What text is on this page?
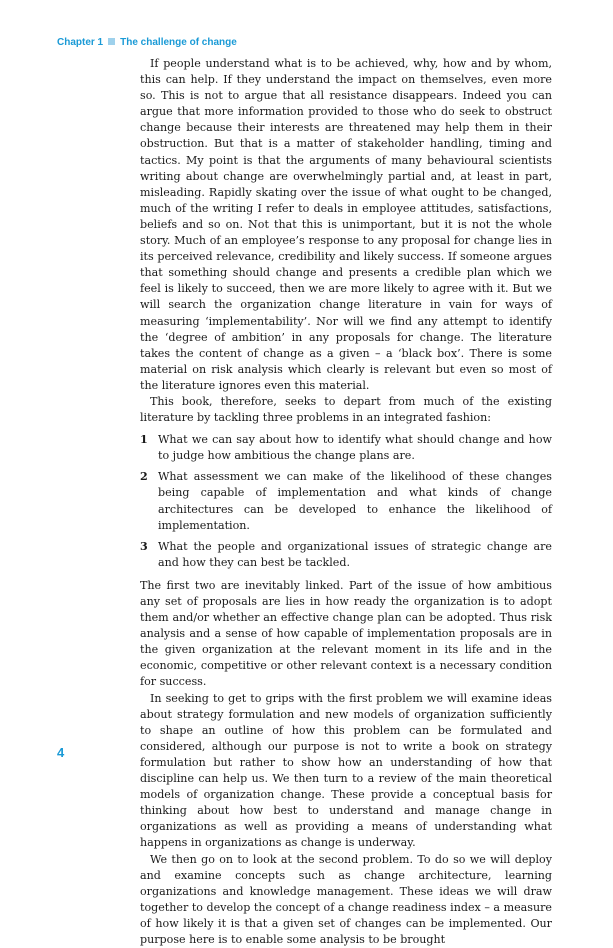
Chapter 1 The challenge of change

If people understand what is to be achieved, why, how and by whom, this can help. If they understand the impact on themselves, even more so. This is not to argue that all resistance disappears. Indeed you can argue that more information provided to those who do seek to obstruct change because their interests are threatened may help them in their obstruction. But that is a matter of stakeholder handling, timing and tactics. My point is that the arguments of many behavioural scientists writing about change are overwhelmingly partial and, at least in part, misleading. Rapidly skating over the issue of what ought to be changed, much of the writing I refer to deals in employee attitudes, satisfactions, beliefs and so on. Not that this is unimportant, but it is not the whole story. Much of an employee’s response to any proposal for change lies in its perceived relevance, credibility and likely success. If someone argues that something should change and presents a credible plan which we feel is likely to succeed, then we are more likely to agree with it. But we will search the organization change literature in vain for ways of measuring ‘implementability’. Nor will we find any attempt to identify the ‘degree of ambition’ in any proposals for change. The literature takes the content of change as a given – a ‘black box’. There is some material on risk analysis which clearly is relevant but even so most of the literature ignores even this material.

This book, therefore, seeks to depart from much of the existing literature by tackling three problems in an integrated fashion:

1 What we can say about how to identify what should change and how to judge how ambitious the change plans are.
2 What assessment we can make of the likelihood of these changes being capable of implementation and what kinds of change architectures can be developed to enhance the likelihood of implementation.
3 What the people and organizational issues of strategic change are and how they can best be tackled.

The first two are inevitably linked. Part of the issue of how ambitious any set of proposals are lies in how ready the organization is to adopt them and/or whether an effective change plan can be adopted. Thus risk analysis and a sense of how capable of implementation proposals are in the given organization at the relevant moment in its life and in the economic, competitive or other relevant context is a necessary condition for success.

In seeking to get to grips with the first problem we will examine ideas about strategy formulation and new models of organization sufficiently to shape an outline of how this problem can be formulated and considered, although our purpose is not to write a book on strategy formulation but rather to show how an understanding of how that discipline can help us. We then turn to a review of the main theoretical models of organization change. These provide a conceptual basis for thinking about how best to understand and manage change in organizations as well as providing a means of understanding what happens in organizations as change is underway.

We then go on to look at the second problem. To do so we will deploy and examine concepts such as change architecture, learning organizations and knowledge management. These ideas we will draw together to develop the concept of a change readiness index – a measure of how likely it is that a given set of changes can be implemented. Our purpose here is to enable some analysis to be brought

4
